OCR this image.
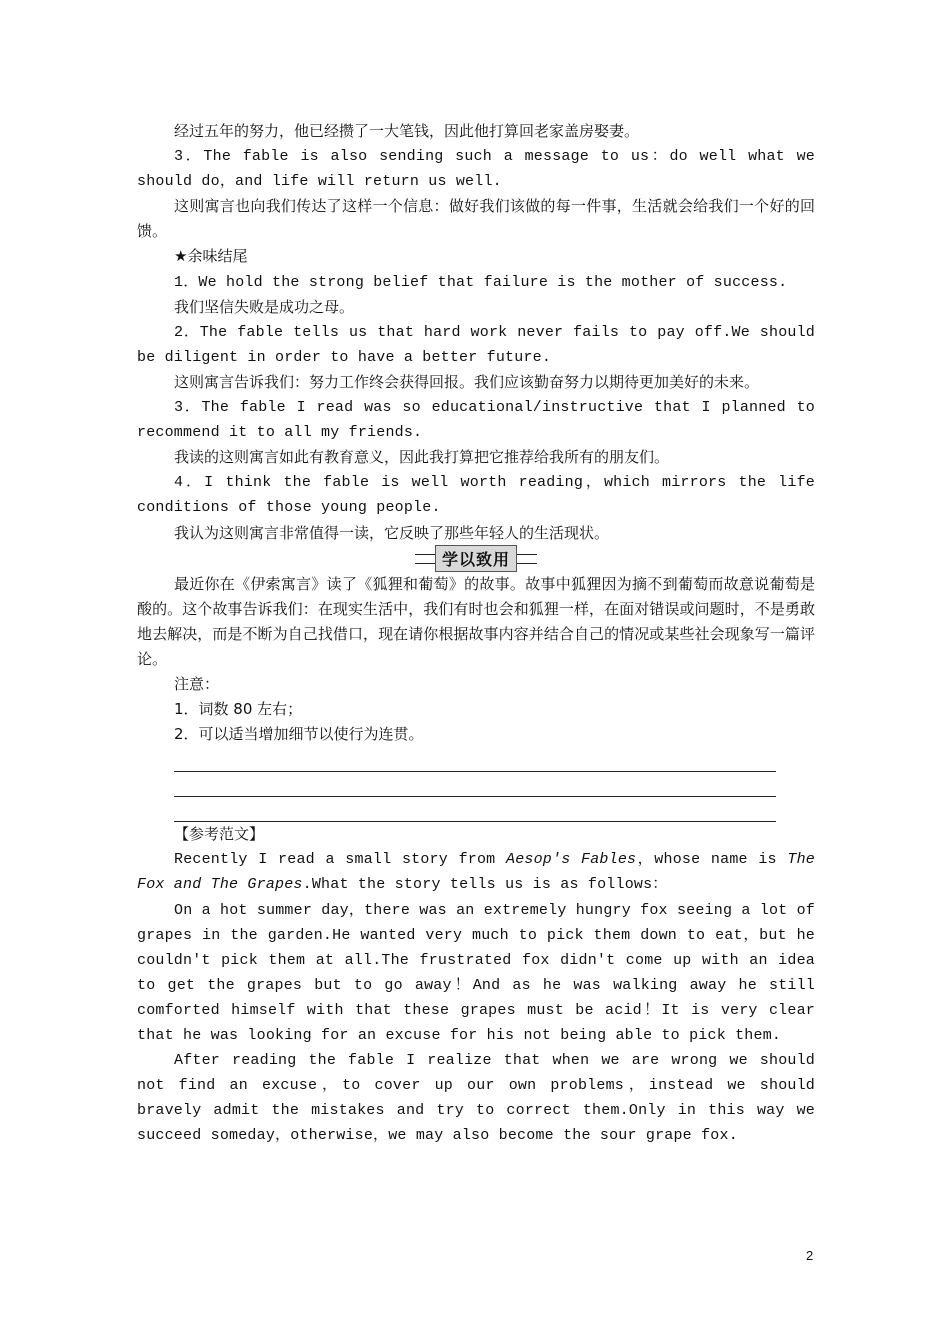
经过五年的努力，他已经攒了一大笔钱，因此他打算回老家盖房娶妻。

3．The fable is also sending such a message to us：do well what we should do，and life will return us well.

这则寓言也向我们传达了这样一个信息：做好我们该做的每一件事，生活就会给我们一个好的回馈。

★余味结尾

1．We hold the strong belief that failure is the mother of success.

我们坚信失败是成功之母。

2．The fable tells us that hard work never fails to pay off.We should be diligent in order to have a better future.

这则寓言告诉我们：努力工作终会获得回报。我们应该勤奋努力以期待更加美好的未来。

3．The fable I read was so educational/instructive that I planned to recommend it to all my friends.

我读的这则寓言如此有教育意义，因此我打算把它推荐给我所有的朋友们。

4．I think the fable is well worth reading，which mirrors the life conditions of those young people.

我认为这则寓言非常值得一读，它反映了那些年轻人的生活现状。

学以致用

最近你在《伊索寓言》读了《狐狸和葡萄》的故事。故事中狐狸因为摘不到葡萄而故意说葡萄是酸的。这个故事告诉我们：在现实生活中，我们有时也会和狐狸一样，在面对错误或问题时，不是勇敢地去解决，而是不断为自己找借口，现在请你根据故事内容并结合自己的情况或某些社会现象写一篇评论。

注意：

1．词数 80 左右；

2．可以适当增加细节以使行为连贯。

【参考范文】

Recently I read a small story from Aesop's Fables，whose name is The Fox and The Grapes.What the story tells us is as follows：

On a hot summer day，there was an extremely hungry fox seeing a lot of grapes in the garden.He wanted very much to pick them down to eat，but he couldn't pick them at all.The frustrated fox didn't come up with an idea to get the grapes but to go away！And as he was walking away he still comforted himself with that these grapes must be acid！It is very clear that he was looking for an excuse for his not being able to pick them.

After reading the fable I realize that when we are wrong we should not find an excuse，to cover up our own problems，instead we should bravely admit the mistakes and try to correct them.Only in this way we succeed someday，otherwise，we may also become the sour grape fox.

2
